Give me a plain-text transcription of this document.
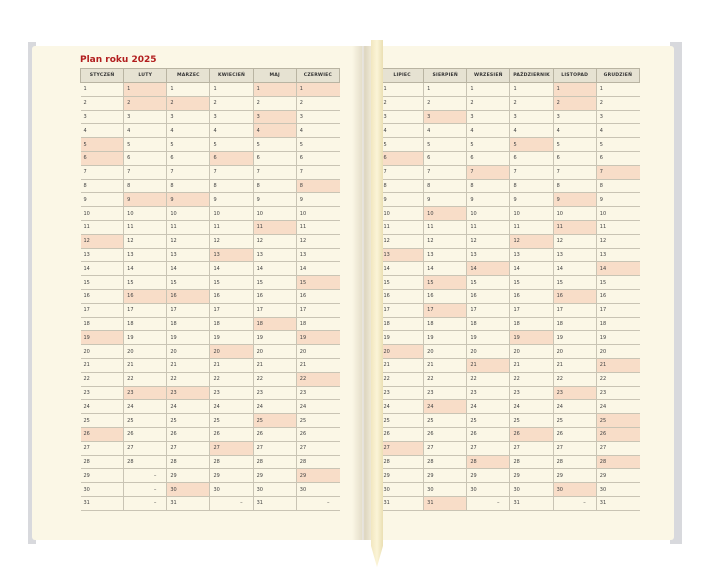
Plan roku 2025
STYCZEŃ	LUTY	MARZEC	KWIECIEŃ	MAJ	CZERWIEC
1	1	1	1	1	1
2	2	2	2	2	2
3	3	3	3	3	3
4	4	4	4	4	4
5	5	5	5	5	5
6	6	6	6	6	6
7	7	7	7	7	7
8	8	8	8	8	8
9	9	9	9	9	9
10	10	10	10	10	10
11	11	11	11	11	11
12	12	12	12	12	12
13	13	13	13	13	13
14	14	14	14	14	14
15	15	15	15	15	15
16	16	16	16	16	16
17	17	17	17	17	17
18	18	18	18	18	18
19	19	19	19	19	19
20	20	20	20	20	20
21	21	21	21	21	21
22	22	22	22	22	22
23	23	23	23	23	23
24	24	24	24	24	24
25	25	25	25	25	25
26	26	26	26	26	26
27	27	27	27	27	27
28	28	28	28	28	28
29	–	29	29	29	29
30	–	30	30	30	30
31	–	31	–	31	–
LIPIEC	SIERPIEŃ	WRZESIEŃ	PAŹDZIERNIK	LISTOPAD	GRUDZIEŃ
1	1	1	1	1	1
2	2	2	2	2	2
3	3	3	3	3	3
4	4	4	4	4	4
5	5	5	5	5	5
6	6	6	6	6	6
7	7	7	7	7	7
8	8	8	8	8	8
9	9	9	9	9	9
10	10	10	10	10	10
11	11	11	11	11	11
12	12	12	12	12	12
13	13	13	13	13	13
14	14	14	14	14	14
15	15	15	15	15	15
16	16	16	16	16	16
17	17	17	17	17	17
18	18	18	18	18	18
19	19	19	19	19	19
20	20	20	20	20	20
21	21	21	21	21	21
22	22	22	22	22	22
23	23	23	23	23	23
24	24	24	24	24	24
25	25	25	25	25	25
26	26	26	26	26	26
27	27	27	27	27	27
28	28	28	28	28	28
29	29	29	29	29	29
30	30	30	30	30	30
31	31	–	31	–	31
